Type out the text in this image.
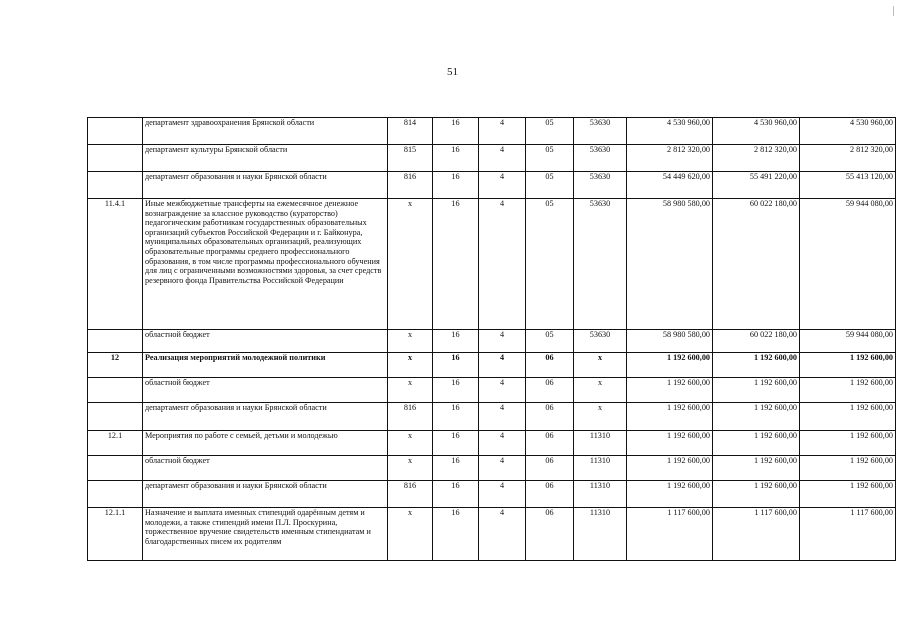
51
	департамент здравоохранения Брянской области	814	16	4	05	53630	4 530 960,00	4 530 960,00	4 530 960,00
	департамент культуры Брянской области	815	16	4	05	53630	2 812 320,00	2 812 320,00	2 812 320,00
	департамент образования и науки Брянской области	816	16	4	05	53630	54 449 620,00	55 491 220,00	55 413 120,00
11.4.1	Иные межбюджетные трансферты на ежемесячное денежное вознаграждение за классное руководство (кураторство) педагогическим работникам государственных образовательных организаций субъектов Российской Федерации и г. Байконура, муниципальных образовательных организаций, реализующих образовательные программы среднего профессионального образования, в том числе программы профессионального обучения для лиц с ограниченными возможностями здоровья, за счет средств резервного фонда Правительства Российской Федерации	х	16	4	05	53630	58 980 580,00	60 022 180,00	59 944 080,00
	областной бюджет	х	16	4	05	53630	58 980 580,00	60 022 180,00	59 944 080,00
12	Реализация мероприятий молодежной политики	х	16	4	06	х	1 192 600,00	1 192 600,00	1 192 600,00
	областной бюджет	х	16	4	06	х	1 192 600,00	1 192 600,00	1 192 600,00
	департамент образования и науки Брянской области	816	16	4	06	х	1 192 600,00	1 192 600,00	1 192 600,00
12.1	Мероприятия по работе с семьей, детьми и молодежью	х	16	4	06	11310	1 192 600,00	1 192 600,00	1 192 600,00
	областной бюджет	х	16	4	06	11310	1 192 600,00	1 192 600,00	1 192 600,00
	департамент образования и науки Брянской области	816	16	4	06	11310	1 192 600,00	1 192 600,00	1 192 600,00
12.1.1	Назначение и выплата именных стипендий одарённым детям и молодежи, а также стипендий имени П.Л. Проскурина, торжественное вручение свидетельств именным стипендиатам и благодарственных писем их родителям	х	16	4	06	11310	1 117 600,00	1 117 600,00	1 117 600,00
